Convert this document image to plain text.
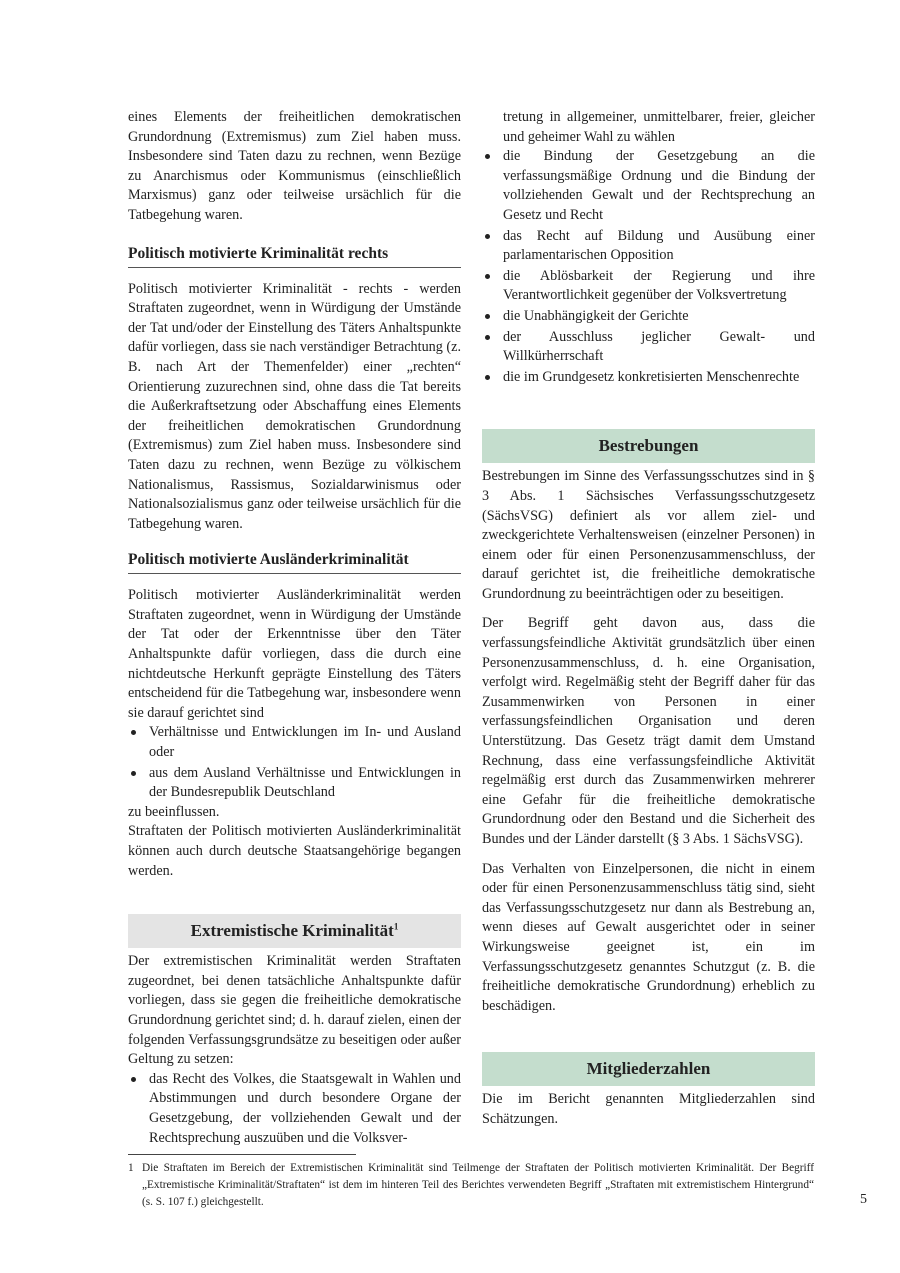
eines Elements der freiheitlichen demokratischen Grundordnung (Extremismus) zum Ziel haben muss. Insbesondere sind Taten dazu zu rechnen, wenn Bezüge zu Anarchismus oder Kommunismus (einschließlich Marxismus) ganz oder teilweise ursächlich für die Tatbegehung waren.

Politisch motivierte Kriminalität rechts

Politisch motivierter Kriminalität - rechts - werden Straftaten zugeordnet, wenn in Würdigung der Umstände der Tat und/oder der Einstellung des Täters Anhaltspunkte dafür vorliegen, dass sie nach verständiger Betrachtung (z. B. nach Art der Themenfelder) einer „rechten“ Orientierung zuzurechnen sind, ohne dass die Tat bereits die Außerkraftsetzung oder Abschaffung eines Elements der freiheitlichen demokratischen Grundordnung (Extremismus) zum Ziel haben muss. Insbesondere sind Taten dazu zu rechnen, wenn Bezüge zu völkischem Nationalismus, Rassismus, Sozialdarwinismus oder Nationalsozialismus ganz oder teilweise ursächlich für die Tatbegehung waren.

Politisch motivierte Ausländerkriminalität

Politisch motivierter Ausländerkriminalität werden Straftaten zugeordnet, wenn in Würdigung der Umstände der Tat oder der Erkenntnisse über den Täter Anhaltspunkte dafür vorliegen, dass die durch eine nichtdeutsche Herkunft geprägte Einstellung des Täters entscheidend für die Tatbegehung war, insbesondere wenn sie darauf gerichtet sind

Verhältnisse und Entwicklungen im In- und Ausland oder
aus dem Ausland Verhältnisse und Entwicklungen in der Bundesrepublik Deutschland

zu beeinflussen.

Straftaten der Politisch motivierten Ausländerkriminalität können auch durch deutsche Staatsangehörige begangen werden.

Extremistische Kriminalität$^1$

Der extremistischen Kriminalität werden Straftaten zugeordnet, bei denen tatsächliche Anhaltspunkte dafür vorliegen, dass sie gegen die freiheitliche demokratische Grundordnung gerichtet sind; d. h. darauf zielen, einen der folgenden Verfassungsgrundsätze zu beseitigen oder außer Geltung zu setzen:

das Recht des Volkes, die Staatsgewalt in Wahlen und Abstimmungen und durch besondere Organe der Gesetzgebung, der vollziehenden Gewalt und der Rechtsprechung auszuüben und die Volksver-

tretung in allgemeiner, unmittelbarer, freier, gleicher und geheimer Wahl zu wählen

die Bindung der Gesetzgebung an die verfassungsmäßige Ordnung und die Bindung der vollziehenden Gewalt und der Rechtsprechung an Gesetz und Recht
das Recht auf Bildung und Ausübung einer parlamentarischen Opposition
die Ablösbarkeit der Regierung und ihre Verantwortlichkeit gegenüber der Volksvertretung
die Unabhängigkeit der Gerichte
der Ausschluss jeglicher Gewalt- und Willkürherrschaft
die im Grundgesetz konkretisierten Menschenrechte
Bestrebungen

Bestrebungen im Sinne des Verfassungsschutzes sind in § 3 Abs. 1 Sächsisches Verfassungsschutzgesetz (SächsVSG) definiert als vor allem ziel- und zweckgerichtete Verhaltensweisen (einzelner Personen) in einem oder für einen Personenzusammenschluss, der darauf gerichtet ist, die freiheitliche demokratische Grundordnung zu beeinträchtigen oder zu beseitigen.

Der Begriff geht davon aus, dass die verfassungsfeindliche Aktivität grundsätzlich über einen Personenzusammenschluss, d. h. eine Organisation, verfolgt wird. Regelmäßig steht der Begriff daher für das Zusammenwirken von Personen in einer verfassungsfeindlichen Organisation und deren Unterstützung. Das Gesetz trägt damit dem Umstand Rechnung, dass eine verfassungsfeindliche Aktivität regelmäßig erst durch das Zusammenwirken mehrerer eine Gefahr für die freiheitliche demokratische Grundordnung oder den Bestand und die Sicherheit des Bundes und der Länder darstellt (§ 3 Abs. 1 SächsVSG).

Das Verhalten von Einzelpersonen, die nicht in einem oder für einen Personenzusammenschluss tätig sind, sieht das Verfassungsschutzgesetz nur dann als Bestrebung an, wenn dieses auf Gewalt ausgerichtet oder in seiner Wirkungsweise geeignet ist, ein im Verfassungsschutzgesetz genanntes Schutzgut (z. B. die freiheitliche demokratische Grundordnung) erheblich zu beschädigen.

Mitgliederzahlen

Die im Bericht genannten Mitgliederzahlen sind Schätzungen.

1 Die Straftaten im Bereich der Extremistischen Kriminalität sind Teilmenge der Straftaten der Politisch motivierten Kriminalität. Der Begriff „Extremistische Kriminalität/Straftaten“ ist dem im hinteren Teil des Berichtes verwendeten Begriff „Straftaten mit extremistischem Hintergrund“ (s. S. 107 f.) gleichgestellt.	5
